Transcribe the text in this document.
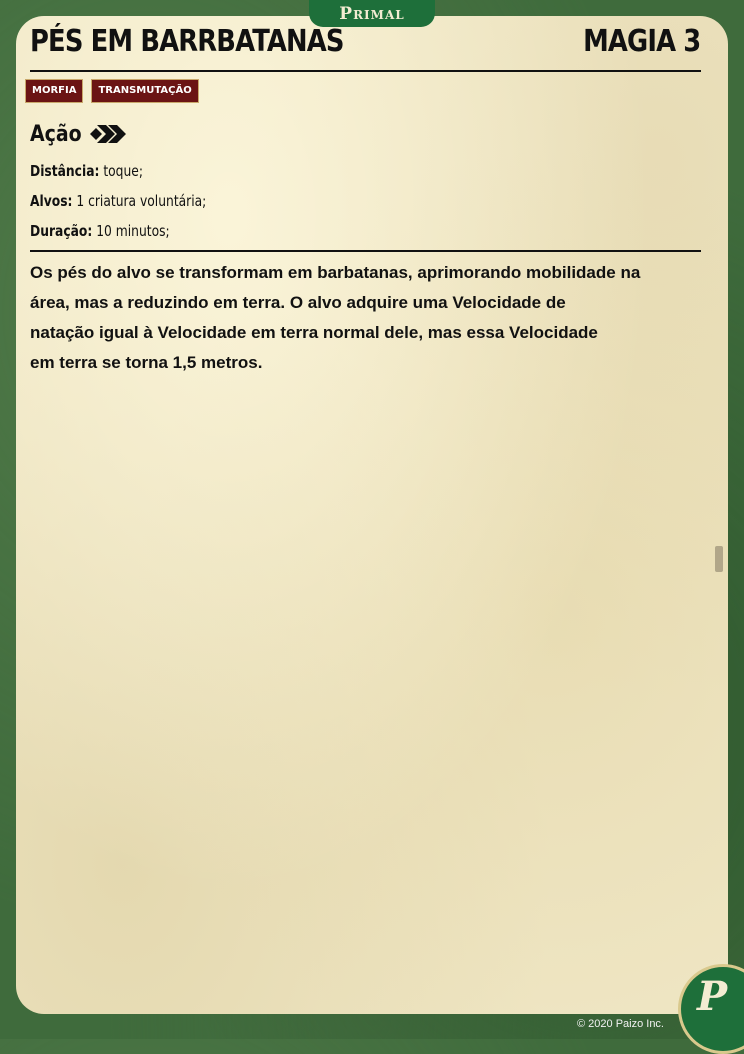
Primal
PÉS EM BARRBATANAS	MAGIA 3
MORFIA	TRANSMUTAÇÃO
Ação
Distância: toque;
Alvos: 1 criatura voluntária;
Duração: 10 minutos;
Os pés do alvo se transformam em barbatanas, aprimorando mobilidade na
área, mas a reduzindo em terra. O alvo adquire uma Velocidade de
natação igual à Velocidade em terra normal dele, mas essa Velocidade
em terra se torna 1,5 metros.
© 2020 Paizo Inc.
P
